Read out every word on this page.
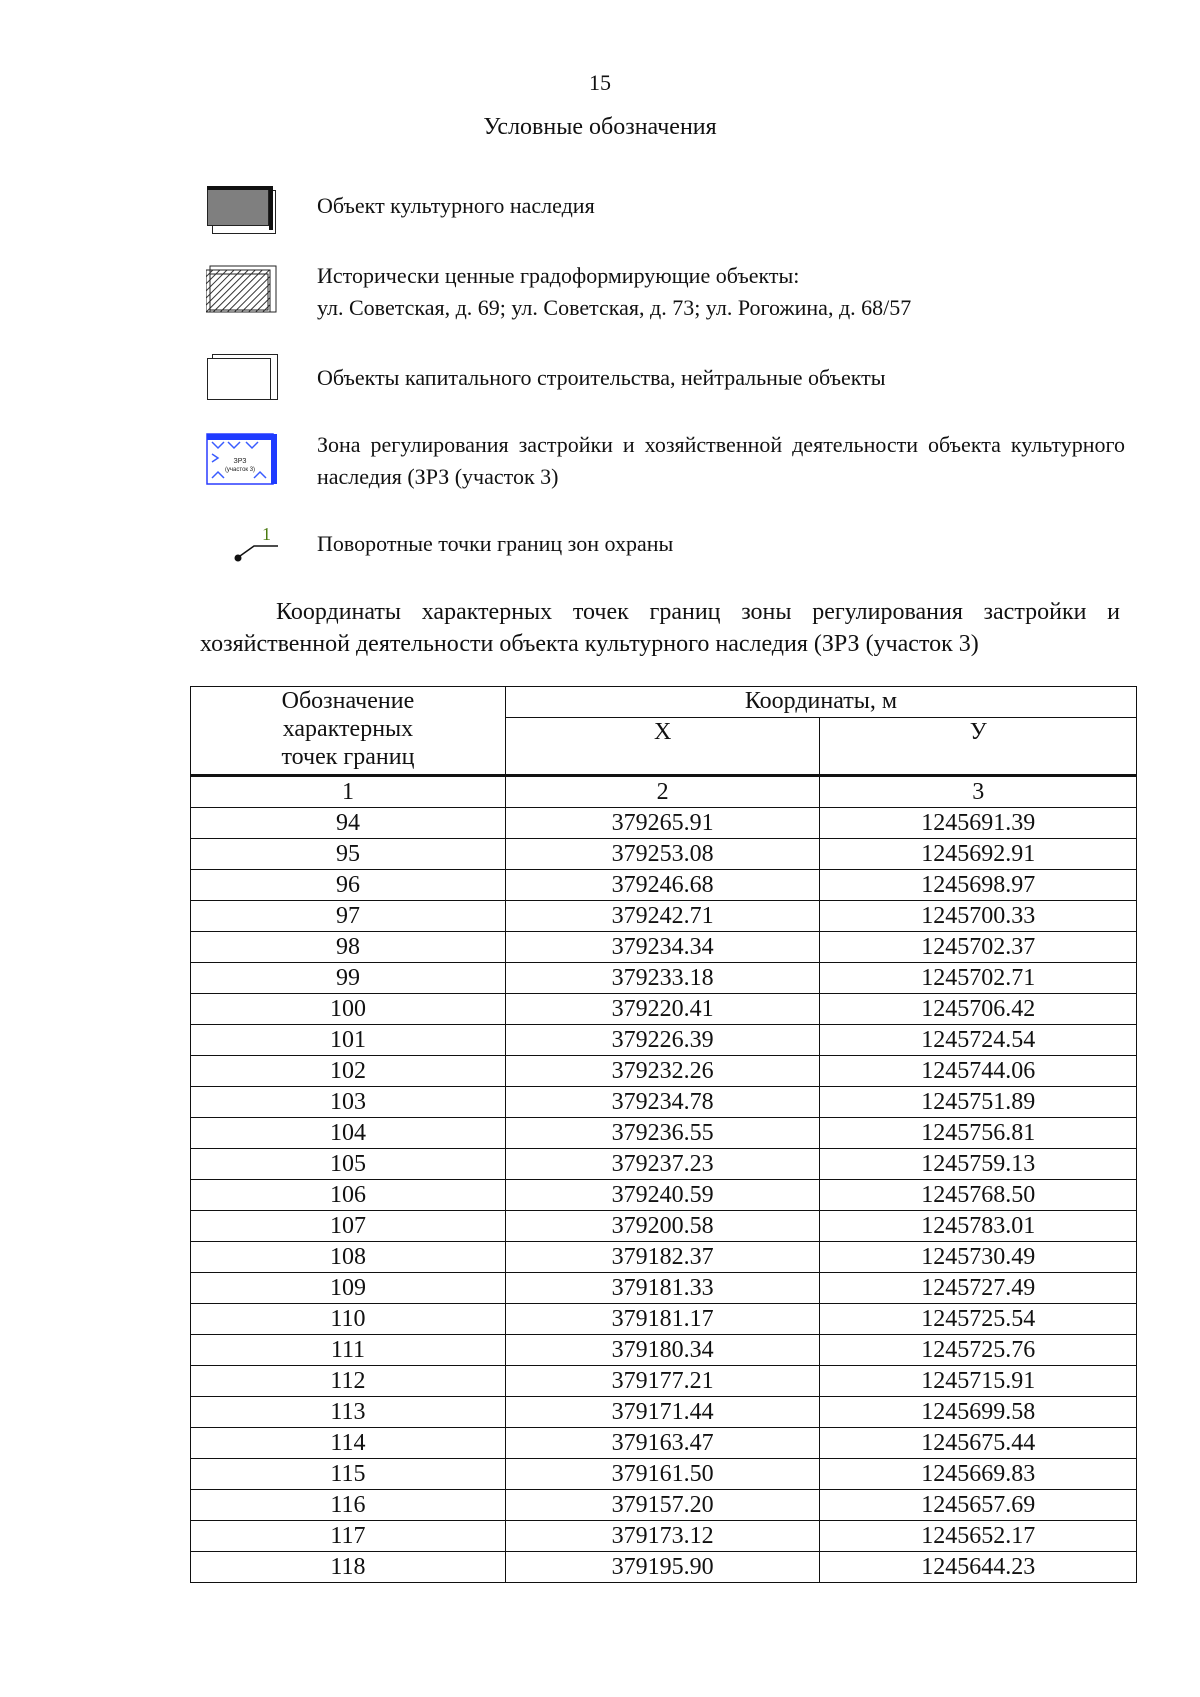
15
Условные обозначения
Объект культурного наследия
Исторически ценные градоформирующие объекты:
ул. Советская, д. 69; ул. Советская, д. 73; ул. Рогожина, д. 68/57
Объекты капитального строительства, нейтральные объекты
ЗРЗ
(участок 3)
Зона регулирования застройки и хозяйственной деятельности объекта культурного наследия (ЗРЗ (участок 3)
1 Поворотные точки границ зон охраны
Координаты характерных точек границ зоны регулирования застройки и
хозяйственной деятельности объекта культурного наследия (ЗРЗ (участок 3)
Обозначение характерных точек границ	Координаты, м	
	X	У
1	2	3
94	379265.91	1245691.39
95	379253.08	1245692.91
96	379246.68	1245698.97
97	379242.71	1245700.33
98	379234.34	1245702.37
99	379233.18	1245702.71
100	379220.41	1245706.42
101	379226.39	1245724.54
102	379232.26	1245744.06
103	379234.78	1245751.89
104	379236.55	1245756.81
105	379237.23	1245759.13
106	379240.59	1245768.50
107	379200.58	1245783.01
108	379182.37	1245730.49
109	379181.33	1245727.49
110	379181.17	1245725.54
111	379180.34	1245725.76
112	379177.21	1245715.91
113	379171.44	1245699.58
114	379163.47	1245675.44
115	379161.50	1245669.83
116	379157.20	1245657.69
117	379173.12	1245652.17
118	379195.90	1245644.23
